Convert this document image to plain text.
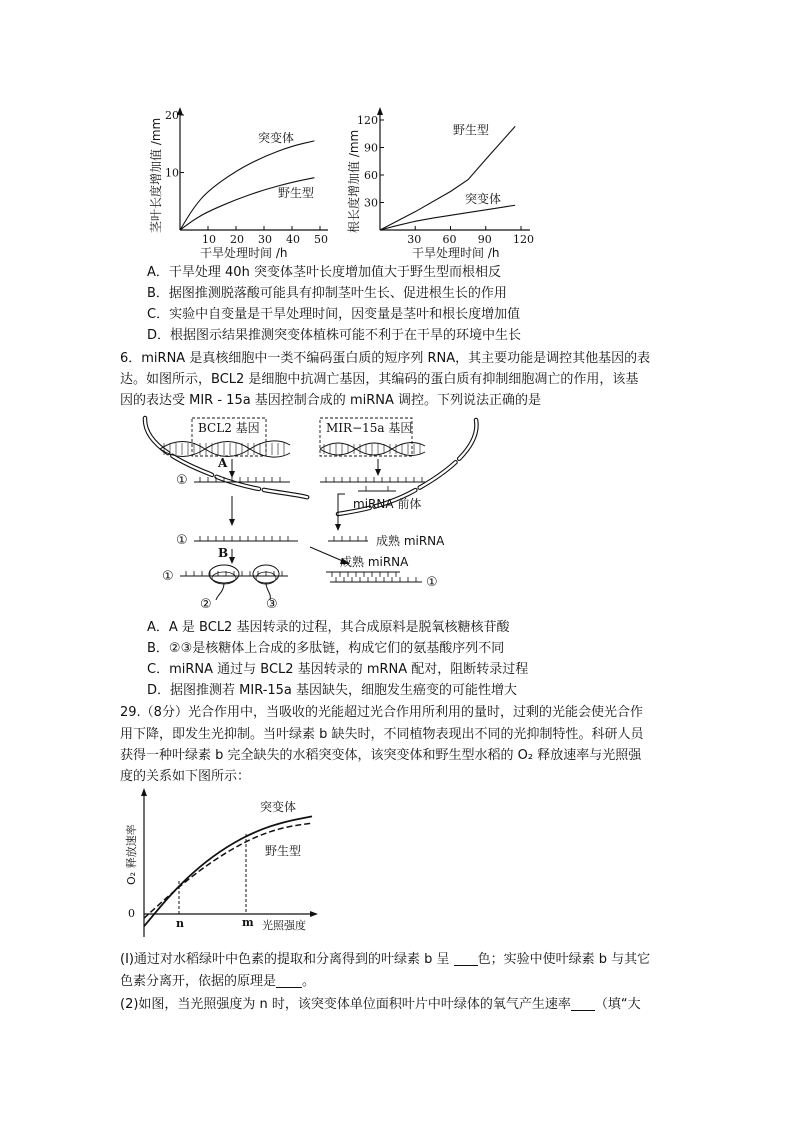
10 20 30 40 50
10
20
突变体
野生型
干旱处理时间 /h
茎叶长度增加值 /mm
30 60 90 120
30
60
90
120
野生型
突变体
干旱处理时间 /h
根长度增加值 /mm
A．干旱处理 40h 突变体茎叶长度增加值大于野生型而根相反
B．据图推测脱落酸可能具有抑制茎叶生长、促进根生长的作用
C．实验中自变量是干旱处理时间，因变量是茎叶和根长度增加值
D．根据图示结果推测突变体植株可能不利于在干旱的环境中生长
6．miRNA 是真核细胞中一类不编码蛋白质的短序列 RNA，其主要功能是调控其他基因的表
达。如图所示，BCL2 是细胞中抗凋亡基因，其编码的蛋白质有抑制细胞凋亡的作用，该基
因的表达受 MIR - 15a 基因控制合成的 miRNA 调控。下列说法正确的是
BCL2 基因	MIR−15a 基因
A
①
miRNA 前体
①	成熟 miRNA
B
①
②	③
成熟 miRNA
①
A．A 是 BCL2 基因转录的过程，其合成原料是脱氧核糖核苷酸
B．②③是核糖体上合成的多肽链，构成它们的氨基酸序列不同
C．miRNA 通过与 BCL2 基因转录的 mRNA 配对，阻断转录过程
D．据图推测若 MIR-15a 基因缺失，细胞发生癌变的可能性增大
29.（8分）光合作用中，当吸收的光能超过光合作用所利用的量时，过剩的光能会使光合作
用下降，即发生光抑制。当叶绿素 b 缺失时，不同植物表现出不同的光抑制特性。科研人员
获得一种叶绿素 b 完全缺失的水稻突变体，该突变体和野生型水稻的 O₂ 释放速率与光照强
度的关系如下图所示：
0
O₂ 释放速率
光照强度
n	m
突变体
野生型
(I)通过对水稻绿叶中色素的提取和分离得到的叶绿素 b 呈 色；实验中使叶绿素 b 与其它
色素分离开，依据的原理是 。
(2)如图，当光照强度为 n 时，该突变体单位面积叶片中叶绿体的氧气产生速率 （填“大
